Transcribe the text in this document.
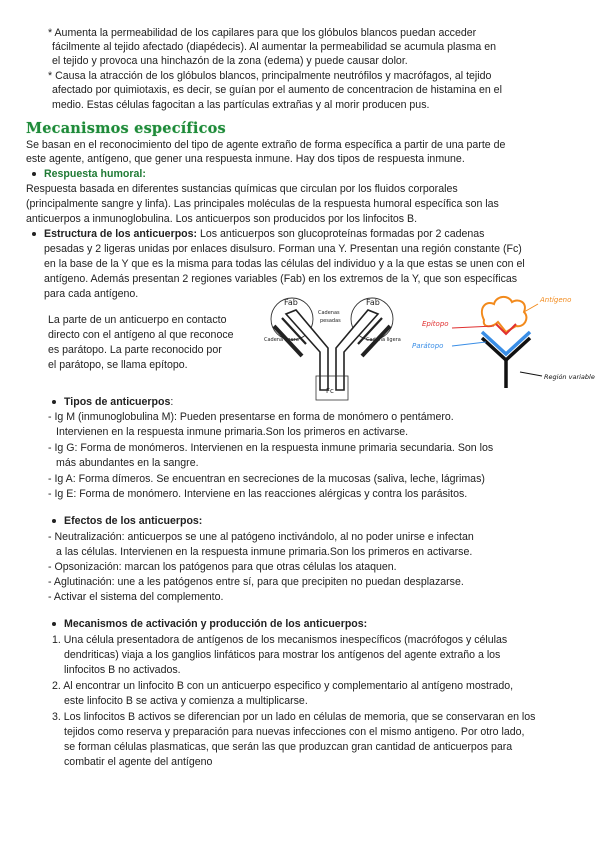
* Aumenta la permeabilidad de los capilares para que los glóbulos blancos puedan acceder
fácilmente al tejido afectado (diapédecis). Al aumentar la permeabilidad se acumula plasma en
el tejido y provoca una hinchazón de la zona (edema) y puede causar dolor.
* Causa la atracción de los glóbulos blancos, principalmente neutrófilos y macrófagos, al tejido
afectado por quimiotaxis, es decir, se guían por el aumento de concentracion de histamina en el
medio. Estas células fagocitan a las partículas extrañas y al morir producen pus.
Mecanismos específicos
Se basan en el reconocimiento del tipo de agente extraño de forma específica a partir de una parte de
este agente, antígeno, que gener una respuesta inmune. Hay dos tipos de respuesta inmune.
Respuesta humoral:
Respuesta basada en diferentes sustancias químicas que circulan por los fluidos corporales
(principalmente sangre y linfa). Las principales moléculas de la respuesta humoral específica son las
anticuerpos a inmunoglobulina. Los anticuerpos son producidos por los linfocitos B.
Estructura de los anticuerpos: Los anticuerpos son glucoproteínas formadas por 2 cadenas
pesadas y 2 ligeras unidas por enlaces disulsuro. Forman una Y. Presentan una región constante (Fc)
en la base de la Y que es la misma para todas las células del individuo y a la que estas se unen con el
antígeno. Además presentan 2 regiones variables (Fab) en los extremos de la Y, que son específicas
para cada antígeno.
La parte de un anticuerpo en contacto
directo con el antígeno al que reconoce
es parátopo. La parte reconocido por
el parátopo, se llama epítopo.
Fab	Fab
Cadenas
pesadas
Cadena ligera	Cadena ligera
Fc
Antígeno
Epítopo
Parátopo
Región variable
Tipos de anticuerpos:
- Ig M (inmunoglobulina M): Pueden presentarse en forma de monómero o pentámero.
Intervienen en la respuesta inmune primaria.Son los primeros en activarse.
- Ig G: Forma de monómeros. Intervienen en la respuesta inmune primaria secundaria. Son los
más abundantes en la sangre.
- Ig A: Forma dímeros. Se encuentran en secreciones de la mucosas (saliva, leche, lágrimas)
- Ig E: Forma de monómero. Interviene en las reacciones alérgicas y contra los parásitos.
Efectos de los anticuerpos:
- Neutralización: anticuerpos se une al patógeno inctivándolo, al no poder unirse e infectan
a las células. Intervienen en la respuesta inmune primaria.Son los primeros en activarse.
- Opsonización: marcan los patógenos para que otras células los ataquen.
- Aglutinación: une a les patógenos entre sí, para que precipiten no puedan desplazarse.
- Activar el sistema del complemento.
Mecanismos de activación y producción de los anticuerpos:
1. Una célula presentadora de antígenos de los mecanismos inespecíficos (macrófogos y células
dendriticas) viaja a los ganglios linfáticos para mostrar los antígenos del agente extraño a los
linfocitos B no activados.
2. Al encontrar un linfocito B con un anticuerpo especifico y complementario al antígeno mostrado,
este linfocito B se activa y comienza a multiplicarse.
3. Los linfocitos B activos se diferencian por un lado en células de memoria, que se conservaran en los
tejidos como reserva y preparación para nuevas infecciones con el mismo antigeno. Por otro lado,
se forman células plasmaticas, que serán las que produzcan gran cantidad de anticuerpos para
combatir el agente del antígeno
